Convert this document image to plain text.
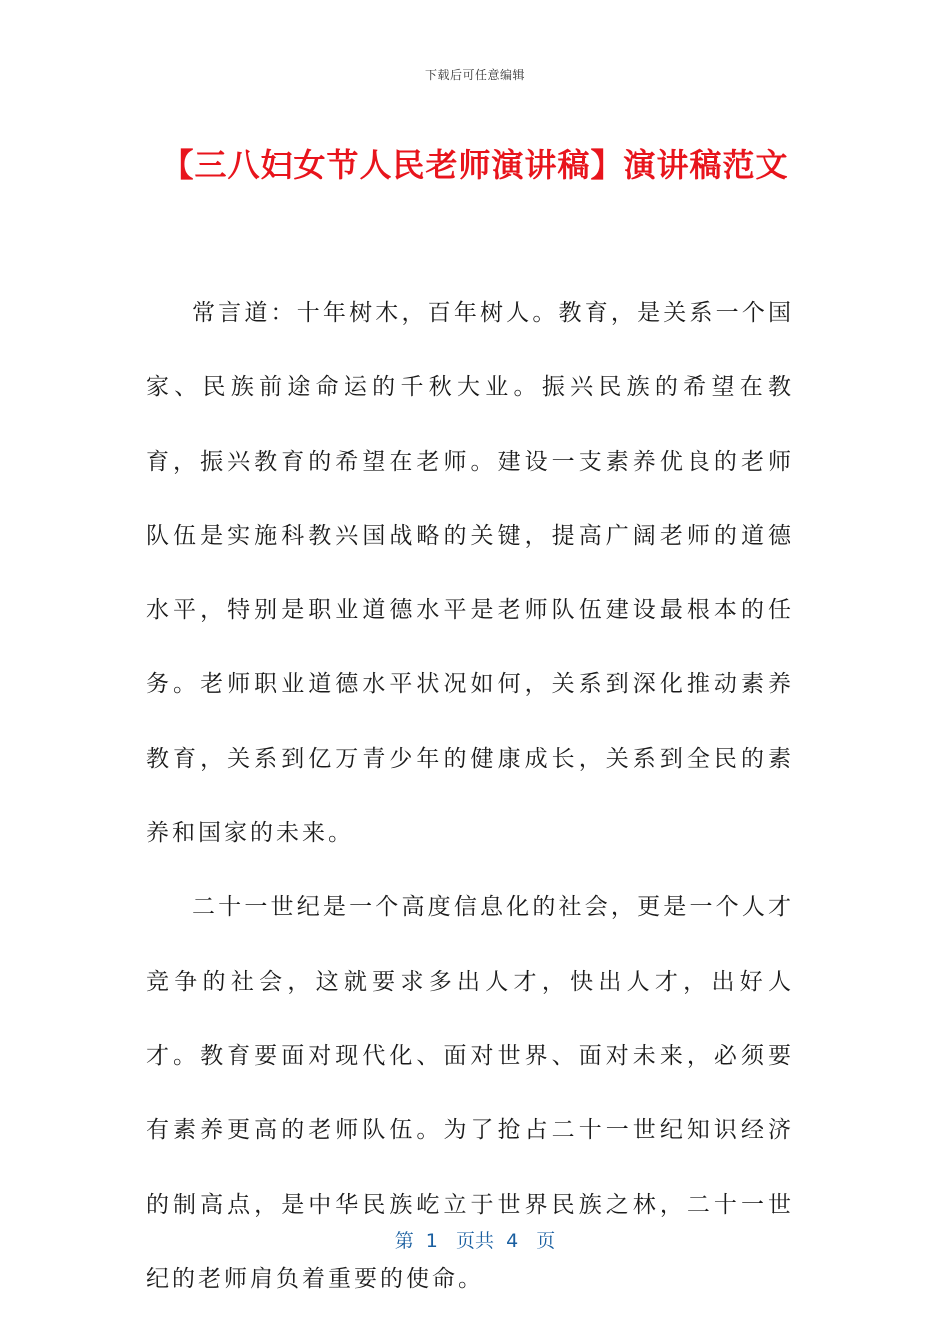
下载后可任意编辑
【三八妇女节人民老师演讲稿】演讲稿范文

常言道：十年树木，百年树人。教育，是关系一个国家、民族前途命运的千秋大业。振兴民族的希望在教育，振兴教育的希望在老师。建设一支素养优良的老师队伍是实施科教兴国战略的关键，提高广阔老师的道德水平，特别是职业道德水平是老师队伍建设最根本的任务。老师职业道德水平状况如何，关系到深化推动素养教育，关系到亿万青少年的健康成长，关系到全民的素养和国家的未来。

二十一世纪是一个高度信息化的社会，更是一个人才竞争的社会，这就要求多出人才，快出人才，出好人才。教育要面对现代化、面对世界、面对未来，必须要有素养更高的老师队伍。为了抢占二十一世纪知识经济的制高点，是中华民族屹立于世界民族之林，二十一世纪的老师肩负着重要的使命。

第  1   页共  4   页
